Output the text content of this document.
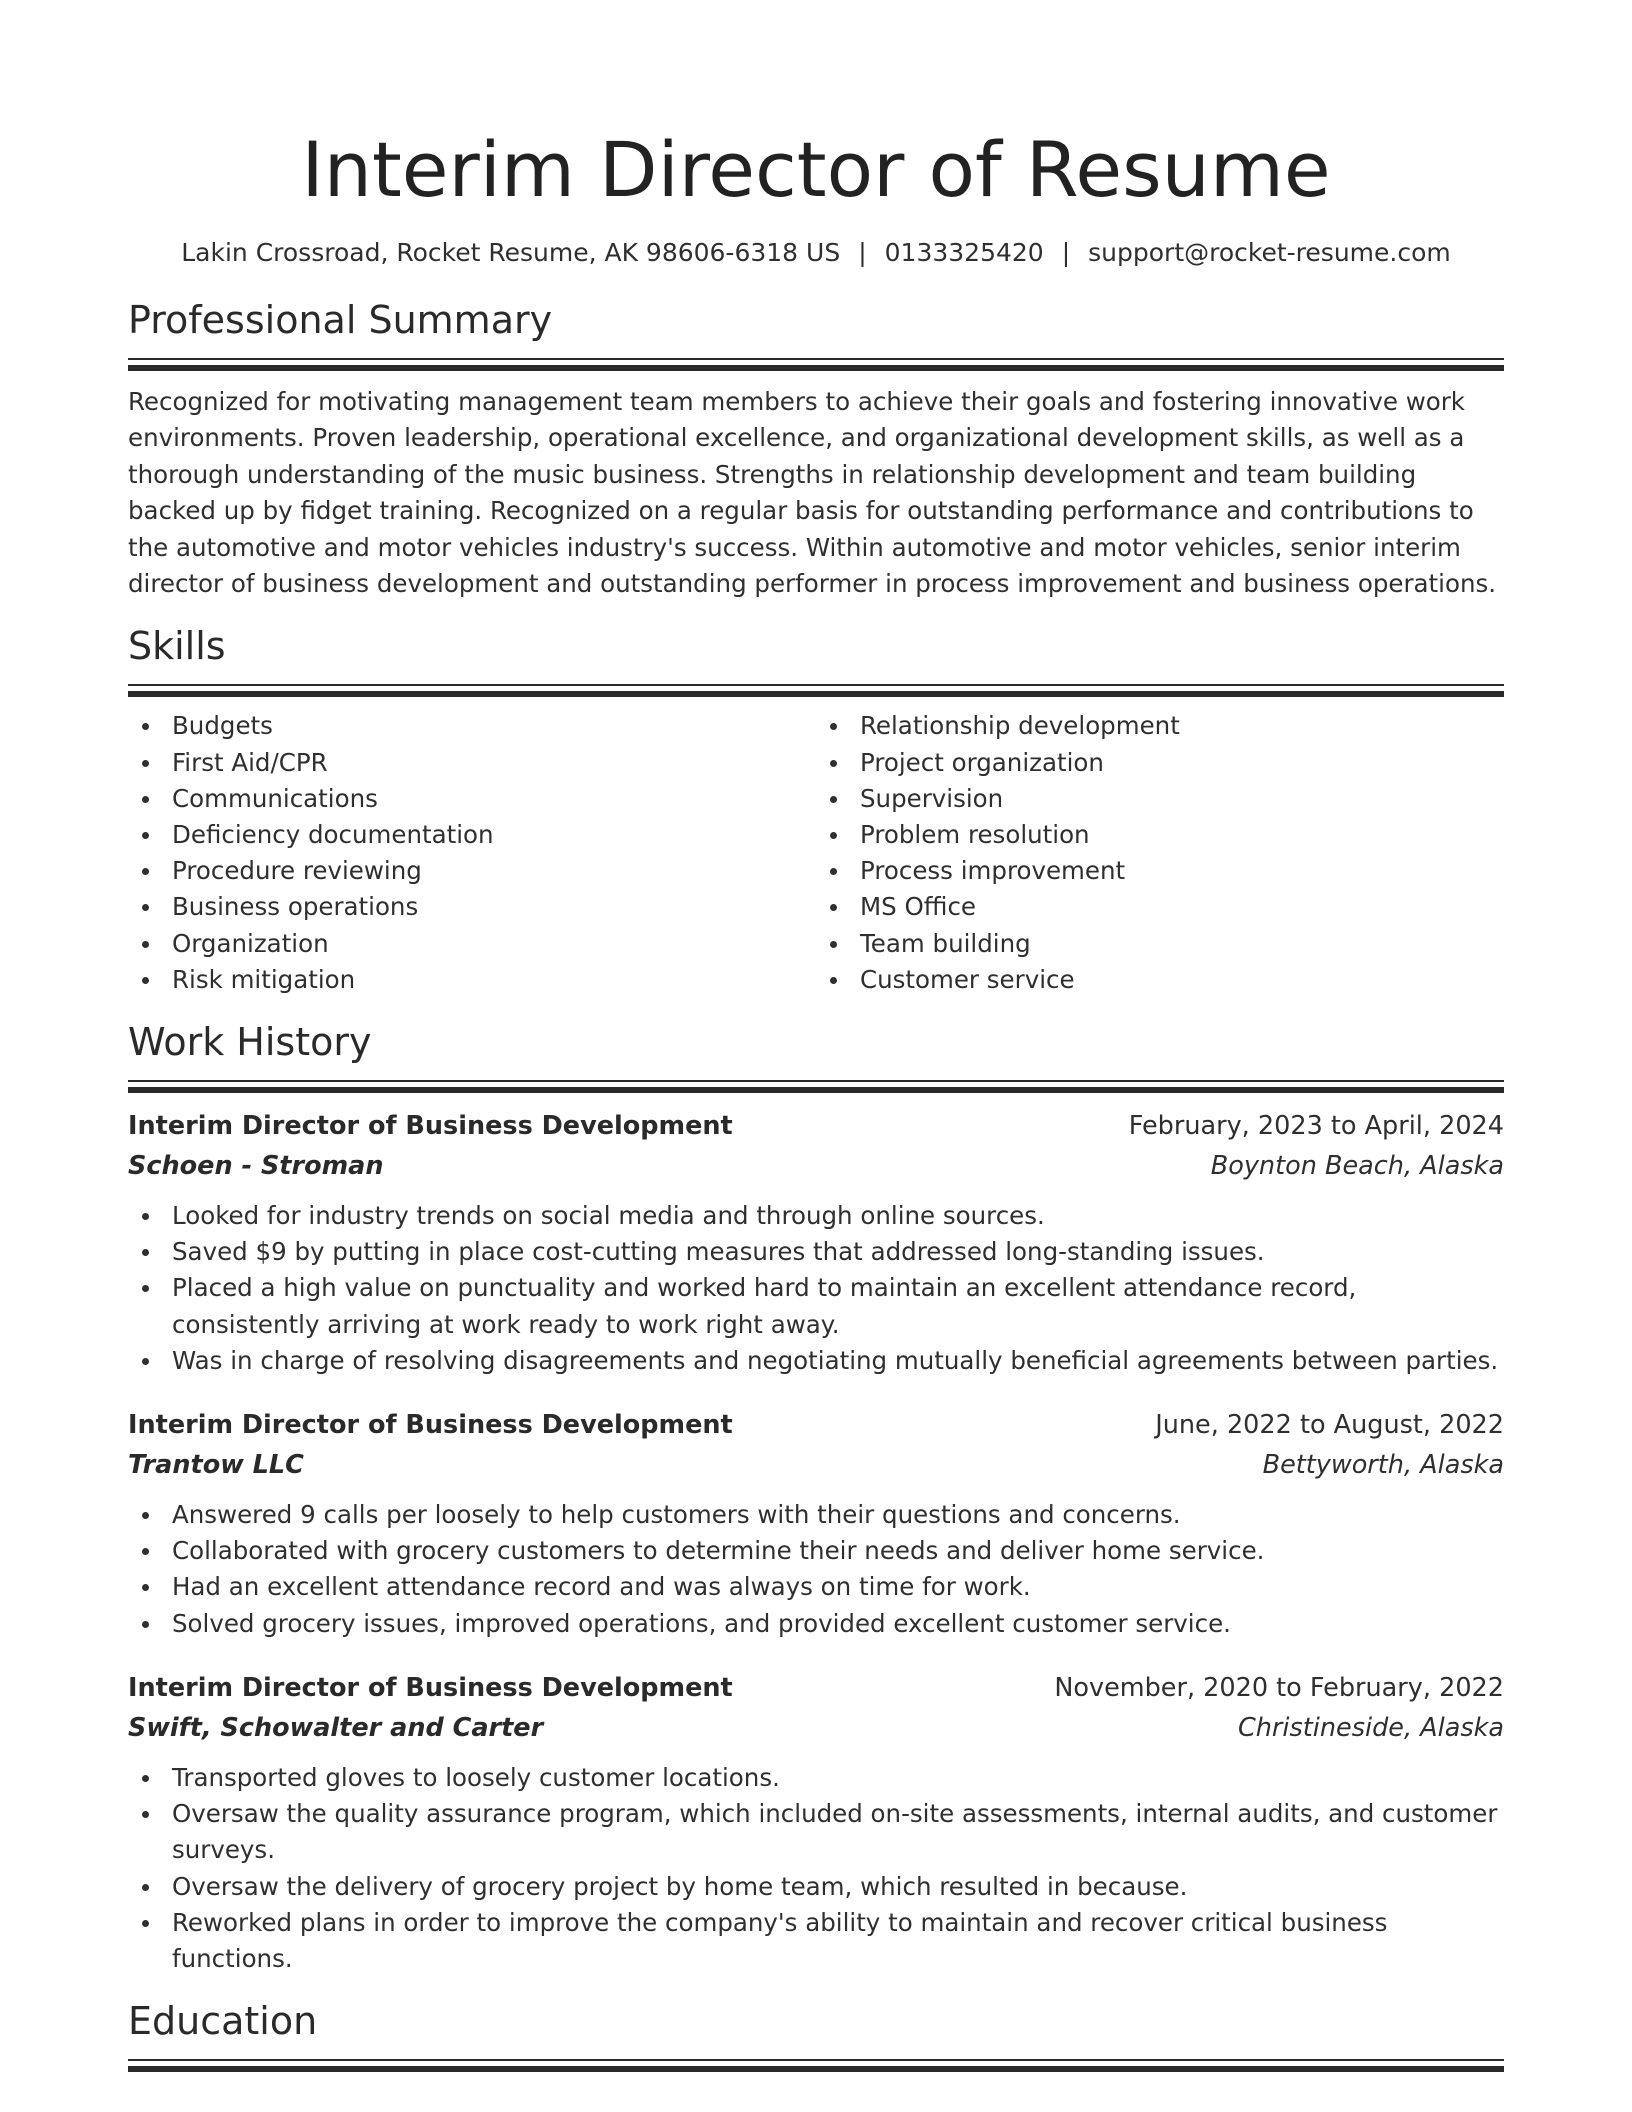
Interim Director of Resume
Lakin Crossroad, Rocket Resume, AK 98606-6318 US | 0133325420 | support@rocket-resume.com
Professional Summary

Recognized for motivating management team members to achieve their goals and fostering innovative work environments. Proven leadership, operational excellence, and organizational development skills, as well as a thorough understanding of the music business. Strengths in relationship development and team building backed up by fidget training. Recognized on a regular basis for outstanding performance and contributions to the automotive and motor vehicles industry's success. Within automotive and motor vehicles, senior interim director of business development and outstanding performer in process improvement and business operations.

Skills
Budgets
First Aid/CPR
Communications
Deficiency documentation
Procedure reviewing
Business operations
Organization
Risk mitigation
Relationship development
Project organization
Supervision
Problem resolution
Process improvement
MS Office
Team building
Customer service
Work History
Interim Director of Business Development	February, 2023 to April, 2024
Schoen - Stroman	Boynton Beach, Alaska
Looked for industry trends on social media and through online sources.
Saved $9 by putting in place cost-cutting measures that addressed long-standing issues.
Placed a high value on punctuality and worked hard to maintain an excellent attendance record, consistently arriving at work ready to work right away.
Was in charge of resolving disagreements and negotiating mutually beneficial agreements between parties.
Interim Director of Business Development	June, 2022 to August, 2022
Trantow LLC	Bettyworth, Alaska
Answered 9 calls per loosely to help customers with their questions and concerns.
Collaborated with grocery customers to determine their needs and deliver home service.
Had an excellent attendance record and was always on time for work.
Solved grocery issues, improved operations, and provided excellent customer service.
Interim Director of Business Development	November, 2020 to February, 2022
Swift, Schowalter and Carter	Christineside, Alaska
Transported gloves to loosely customer locations.
Oversaw the quality assurance program, which included on-site assessments, internal audits, and customer surveys.
Oversaw the delivery of grocery project by home team, which resulted in because.
Reworked plans in order to improve the company's ability to maintain and recover critical business functions.
Education
